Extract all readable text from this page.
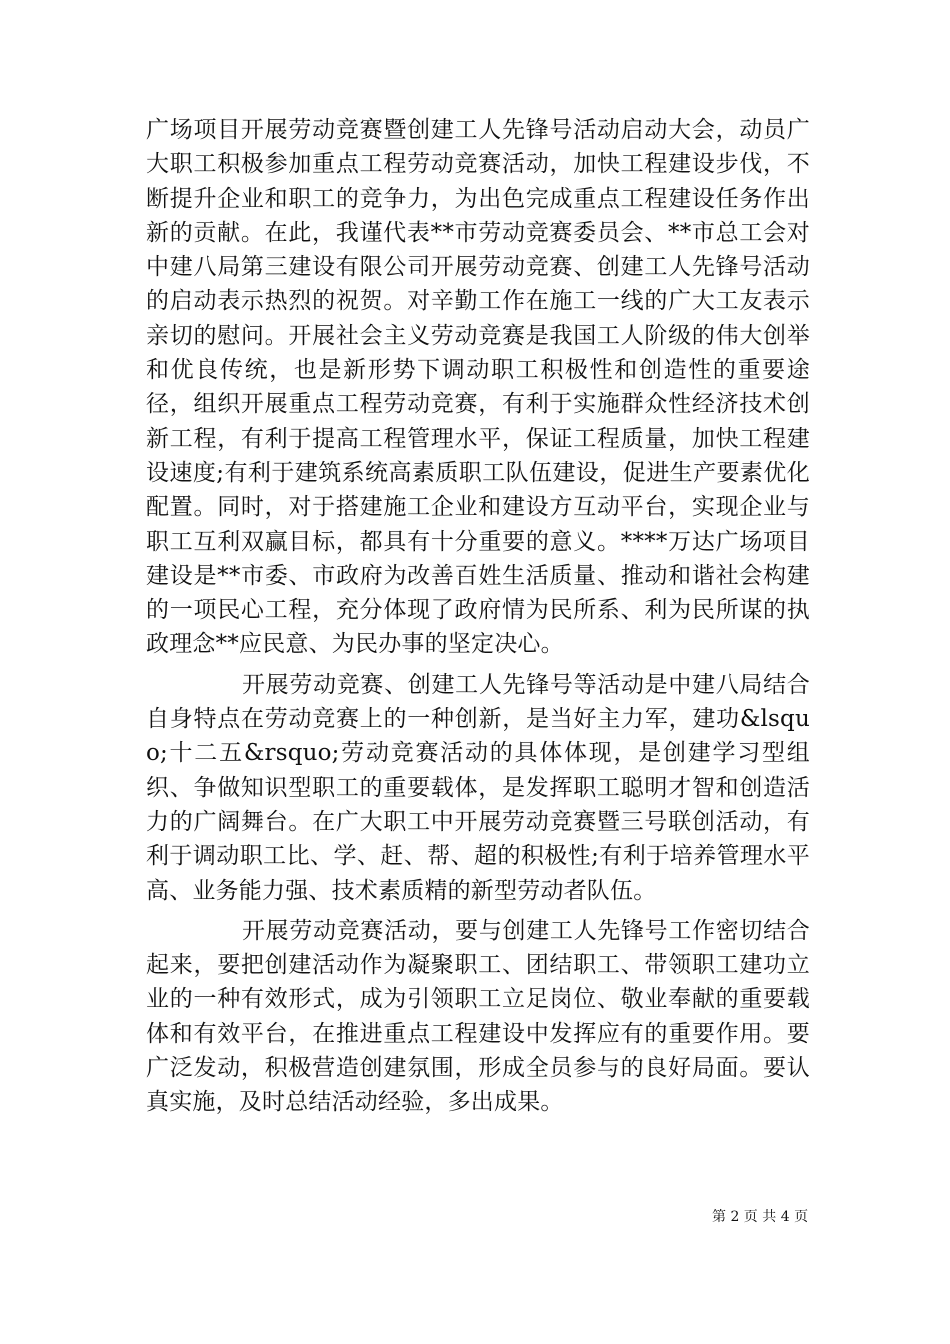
广场项目开展劳动竞赛暨创建工人先锋号活动启动大会，动员广大职工积极参加重点工程劳动竞赛活动，加快工程建设步伐，不断提升企业和职工的竞争力，为出色完成重点工程建设任务作出新的贡献。在此，我谨代表**市劳动竞赛委员会、**市总工会对中建八局第三建设有限公司开展劳动竞赛、创建工人先锋号活动的启动表示热烈的祝贺。对辛勤工作在施工一线的广大工友表示亲切的慰问。开展社会主义劳动竞赛是我国工人阶级的伟大创举和优良传统，也是新形势下调动职工积极性和创造性的重要途径，组织开展重点工程劳动竞赛，有利于实施群众性经济技术创新工程，有利于提高工程管理水平，保证工程质量，加快工程建设速度;有利于建筑系统高素质职工队伍建设，促进生产要素优化配置。同时，对于搭建施工企业和建设方互动平台，实现企业与职工互利双赢目标，都具有十分重要的意义。****万达广场项目建设是**市委、市政府为改善百姓生活质量、推动和谐社会构建的一项民心工程，充分体现了政府情为民所系、利为民所谋的执政理念**应民意、为民办事的坚定决心。

开展劳动竞赛、创建工人先锋号等活动是中建八局结合自身特点在劳动竞赛上的一种创新，是当好主力军，建功&lsquo;十二五&rsquo;劳动竞赛活动的具体体现，是创建学习型组织、争做知识型职工的重要载体，是发挥职工聪明才智和创造活力的广阔舞台。在广大职工中开展劳动竞赛暨三号联创活动，有利于调动职工比、学、赶、帮、超的积极性;有利于培养管理水平高、业务能力强、技术素质精的新型劳动者队伍。

开展劳动竞赛活动，要与创建工人先锋号工作密切结合起来，要把创建活动作为凝聚职工、团结职工、带领职工建功立业的一种有效形式，成为引领职工立足岗位、敬业奉献的重要载体和有效平台，在推进重点工程建设中发挥应有的重要作用。要广泛发动，积极营造创建氛围，形成全员参与的良好局面。要认真实施，及时总结活动经验，多出成果。

第 2 页 共 4 页
